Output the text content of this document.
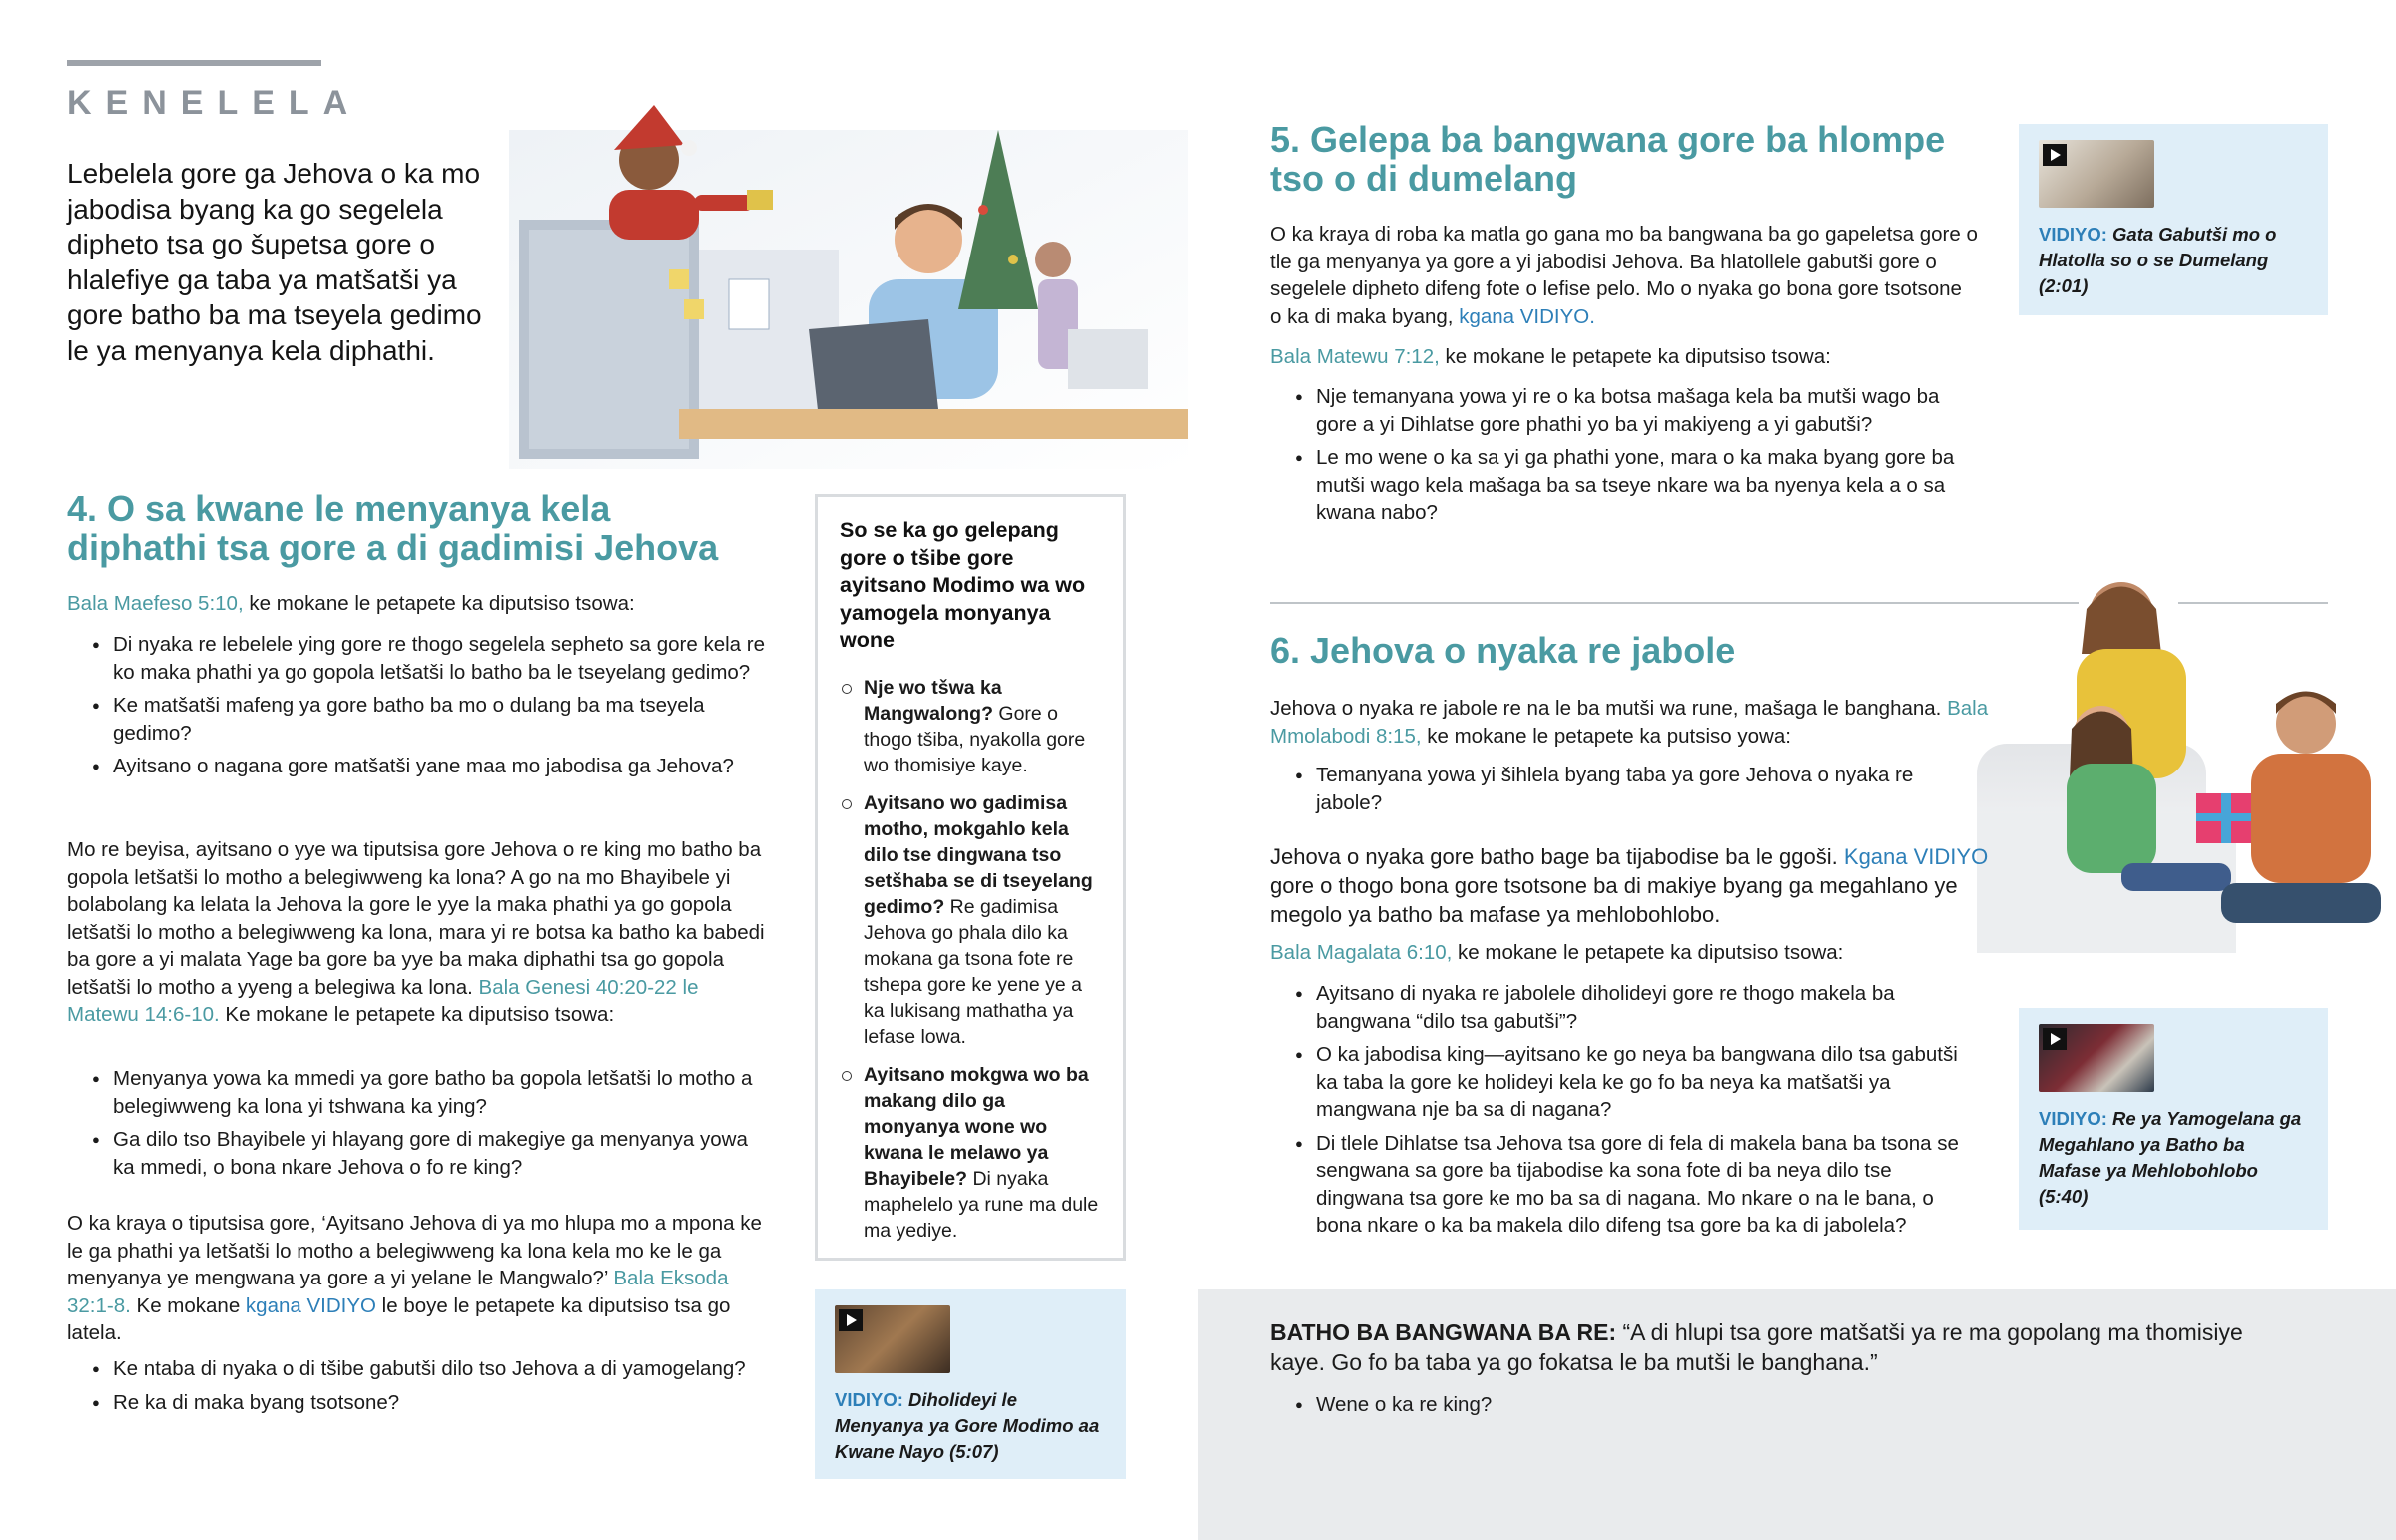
KENELELA
Lebelela gore ga Jehova o ka mo jabodisa byang ka go segelela dipheto tsa go šupetsa gore o hlalefiye ga taba ya matšatši ya gore batho ba ma tseyela gedimo le ya menyanya kela diphathi.
4. O sa kwane le menyanya kela diphathi tsa gore a di gadimisi Jehova
Bala Maefeso 5:10, ke mokane le petapete ka diputsiso tsowa:
● Di nyaka re lebelele ying gore re thogo segelela sepheto sa gore kela re ko maka phathi ya go gopola letšatši lo batho ba le tseyelang gedimo?
● Ke matšatši mafeng ya gore batho ba mo o dulang ba ma tseyela gedimo?
● Ayitsano o nagana gore matšatši yane maa mo jabodisa ga Jehova?
Mo re beyisa, ayitsano o yye wa tiputsisa gore Jehova o re king mo batho ba gopola letšatši lo motho a belegiwweng ka lona? A go na mo Bhayibele yi bolabolang ka lelata la Jehova la gore le yye la maka phathi ya go gopola letšatši lo motho a belegiwweng ka lona, mara yi re botsa ka batho ka babedi ba gore a yi malata Yage ba gore ba yye ba maka diphathi tsa go gopola letšatši lo motho a yyeng a belegiwa ka lona. Bala Genesi 40:20-22 le Matewu 14:6-10. Ke mokane le petapete ka diputsiso tsowa:
● Menyanya yowa ka mmedi ya gore batho ba gopola letšatši lo motho a belegiwweng ka lona yi tshwana ka ying?
● Ga dilo tso Bhayibele yi hlayang gore di makegiye ga menyanya yowa ka mmedi, o bona nkare Jehova o fo re king?
O ka kraya o tiputsisa gore, ‘Ayitsano Jehova di ya mo hlupa mo a mpona ke le ga phathi ya letšatši lo motho a belegiwweng ka lona kela mo ke le ga menyanya ye mengwana ya gore a yi yelane le Mangwalo?’ Bala Eksoda 32:1-8. Ke mokane kgana VIDIYO le boye le petapete ka diputsiso tsa go latela.
● Ke ntaba di nyaka o di tšibe gabutši dilo tso Jehova a di yamogelang?
● Re ka di maka byang tsotsone?
So se ka go gelepang gore o tšibe gore ayitsano Modimo wa wo yamogela monyanya wone
Nje wo tšwa ka Mangwalong? Gore o thogo tšiba, nyakolla gore wo thomisiye kaye.
Ayitsano wo gadimisa motho, mokgahlo kela dilo tse dingwana tso setšhaba se di tseyelang gedimo? Re gadimisa Jehova go phala dilo ka mokana ga tsona fote re tshepa gore ke yene ye a ka lukisang mathatha ya lefase lowa.
Ayitsano mokgwa wo ba makang dilo ga monyanya wone wo kwana le melawo ya Bhayibele? Di nyaka maphelelo ya rune ma dule ma yediye.
VIDIYO: Diholideyi le Menyanya ya Gore Modimo aa Kwane Nayo (5:07)
5. Gelepa ba bangwana gore ba hlompe tso o di dumelang
O ka kraya di roba ka matla go gana mo ba bangwana ba go gapeletsa gore o tle ga menyanya ya gore a yi jabodisi Jehova. Ba hlatollele gabutši gore o segelele dipheto difeng fote o lefise pelo. Mo o nyaka go bona gore tsotsone o ka di maka byang, kgana VIDIYO.
Bala Matewu 7:12, ke mokane le petapete ka diputsiso tsowa:
● Nje temanyana yowa yi re o ka botsa mašaga kela ba mutši wago ba gore a yi Dihlatse gore phathi yo ba yi makiyeng a yi gabutši?
● Le mo wene o ka sa yi ga phathi yone, mara o ka maka byang gore ba mutši wago kela mašaga ba sa tseye nkare wa ba nyenya kela a o sa kwana nabo?
VIDIYO: Gata Gabutši mo o Hlatolla so o se Dumelang (2:01)
6. Jehova o nyaka re jabole
Jehova o nyaka re jabole re na le ba mutši wa rune, mašaga le banghana. Bala Mmolabodi 8:15, ke mokane le petapete ka putsiso yowa:
● Temanyana yowa yi šihlela byang taba ya gore Jehova o nyaka re jabole?
Jehova o nyaka gore batho bage ba tijabodise ba le ggoši. Kgana VIDIYO gore o thogo bona gore tsotsone ba di makiye byang ga megahlano ye megolo ya batho ba mafase ya mehlobohlobo.
Bala Magalata 6:10, ke mokane le petapete ka diputsiso tsowa:
● Ayitsano di nyaka re jabolele diholideyi gore re thogo makela ba bangwana “dilo tsa gabutši”?
● O ka jabodisa king—ayitsano ke go neya ba bangwana dilo tsa gabutši ka taba la gore ke holideyi kela ke go fo ba neya ka matšatši ya mangwana nje ba sa di nagana?
● Di tlele Dihlatse tsa Jehova tsa gore di fela di makela bana ba tsona se sengwana sa gore ba tijabodise ka sona fote di ba neya dilo tse dingwana tsa gore ke mo ba sa di nagana. Mo nkare o na le bana, o bona nkare o ka ba makela dilo difeng tsa gore ba ka di jabolela?
VIDIYO: Re ya Yamogelana ga Megahlano ya Batho ba Mafase ya Mehlobohlobo (5:40)
BATHO BA BANGWANA BA RE: “A di hlupi tsa gore matšatši ya re ma gopolang ma thomisiye kaye. Go fo ba taba ya go fokatsa le ba mutši le banghana.”
● Wene o ka re king?
